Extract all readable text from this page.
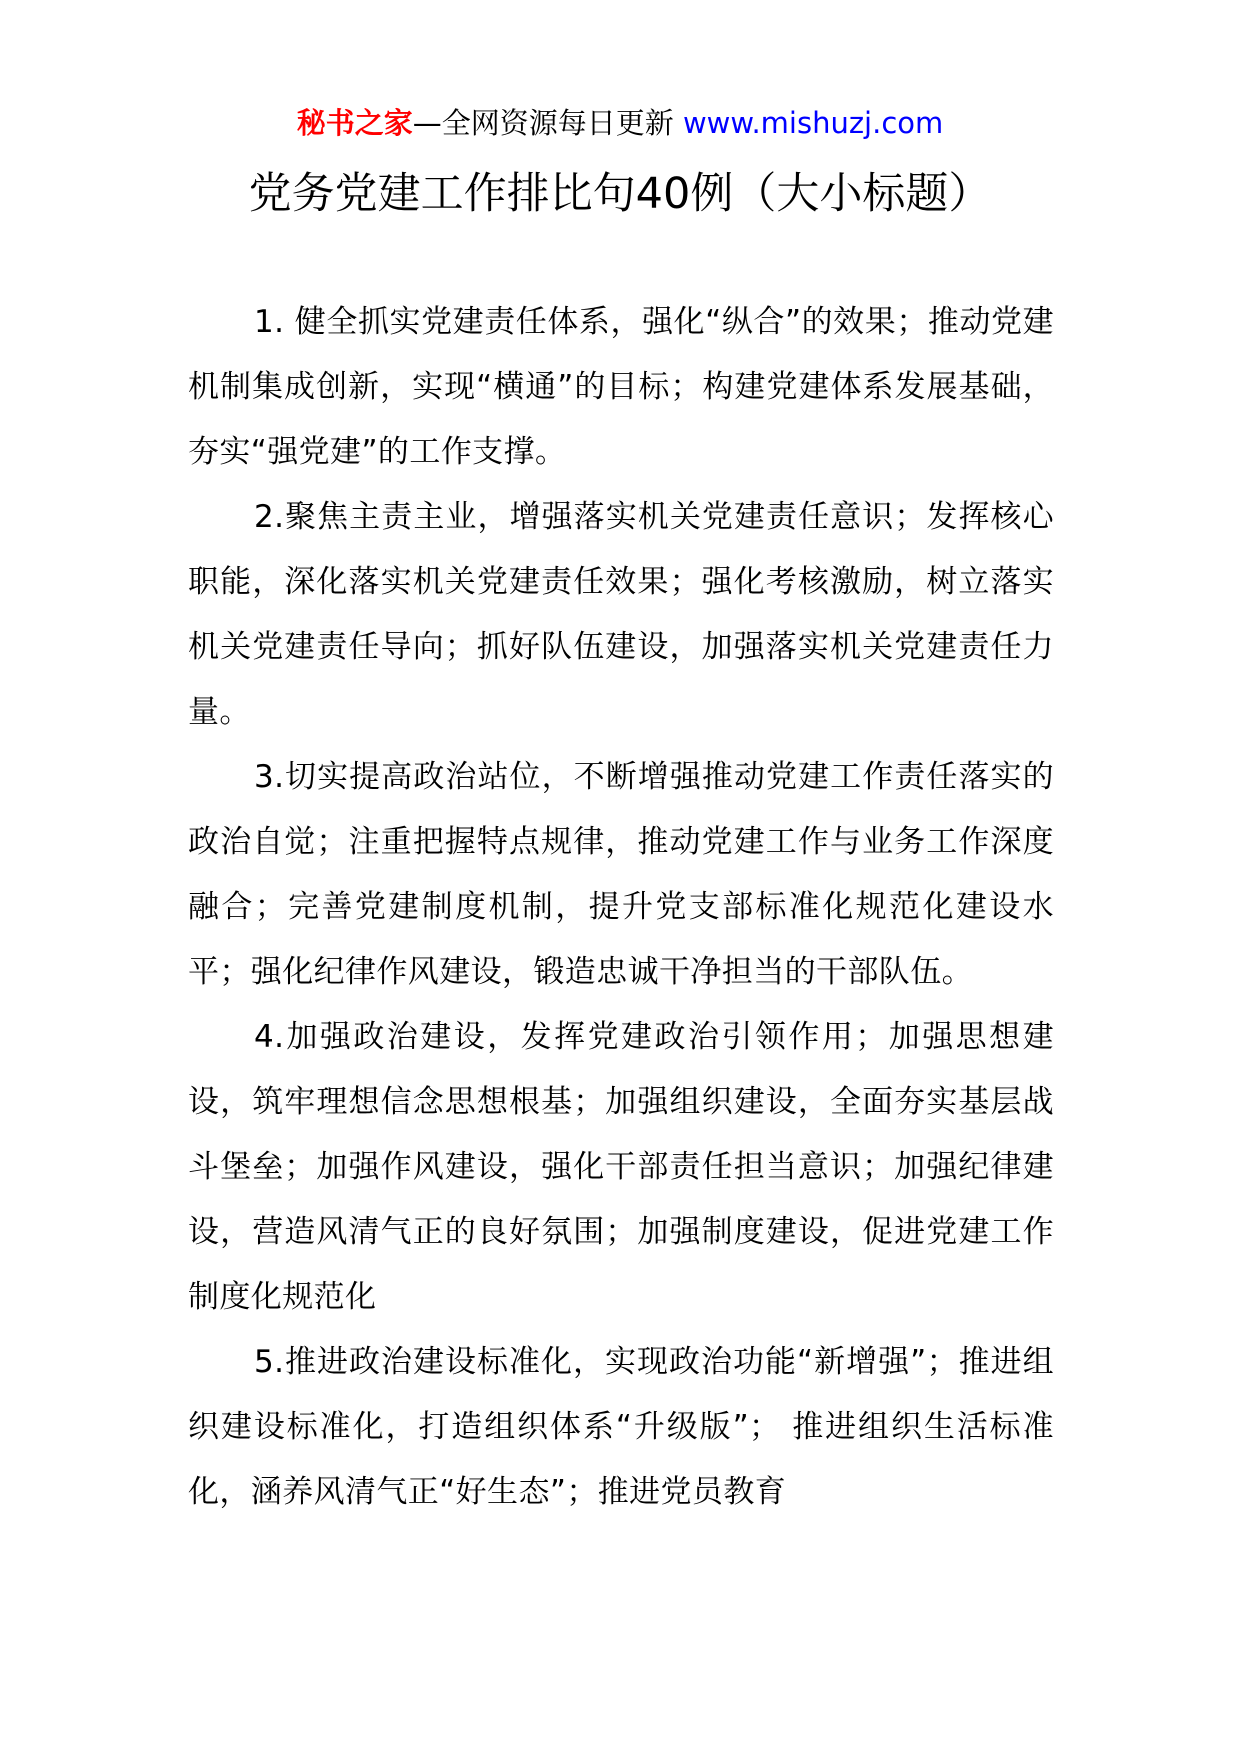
秘书之家—全网资源每日更新 www.mishuzj.com
党务党建工作排比句40例（大小标题）

1. 健全抓实党建责任体系，强化“纵合”的效果；推动党建机制集成创新，实现“横通”的目标；构建党建体系发展基础，夯实“强党建”的工作支撑。

2.聚焦主责主业，增强落实机关党建责任意识；发挥核心职能，深化落实机关党建责任效果；强化考核激励，树立落实机关党建责任导向；抓好队伍建设，加强落实机关党建责任力量。

3.切实提高政治站位，不断增强推动党建工作责任落实的政治自觉；注重把握特点规律，推动党建工作与业务工作深度融合；完善党建制度机制，提升党支部标准化规范化建设水平；强化纪律作风建设，锻造忠诚干净担当的干部队伍。

4.加强政治建设，发挥党建政治引领作用；加强思想建设，筑牢理想信念思想根基；加强组织建设，全面夯实基层战斗堡垒；加强作风建设，强化干部责任担当意识；加强纪律建设，营造风清气正的良好氛围；加强制度建设，促进党建工作制度化规范化

5.推进政治建设标准化，实现政治功能“新增强”；推进组织建设标准化，打造组织体系“升级版”； 推进组织生活标准化，涵养风清气正“好生态”；推进党员教育
